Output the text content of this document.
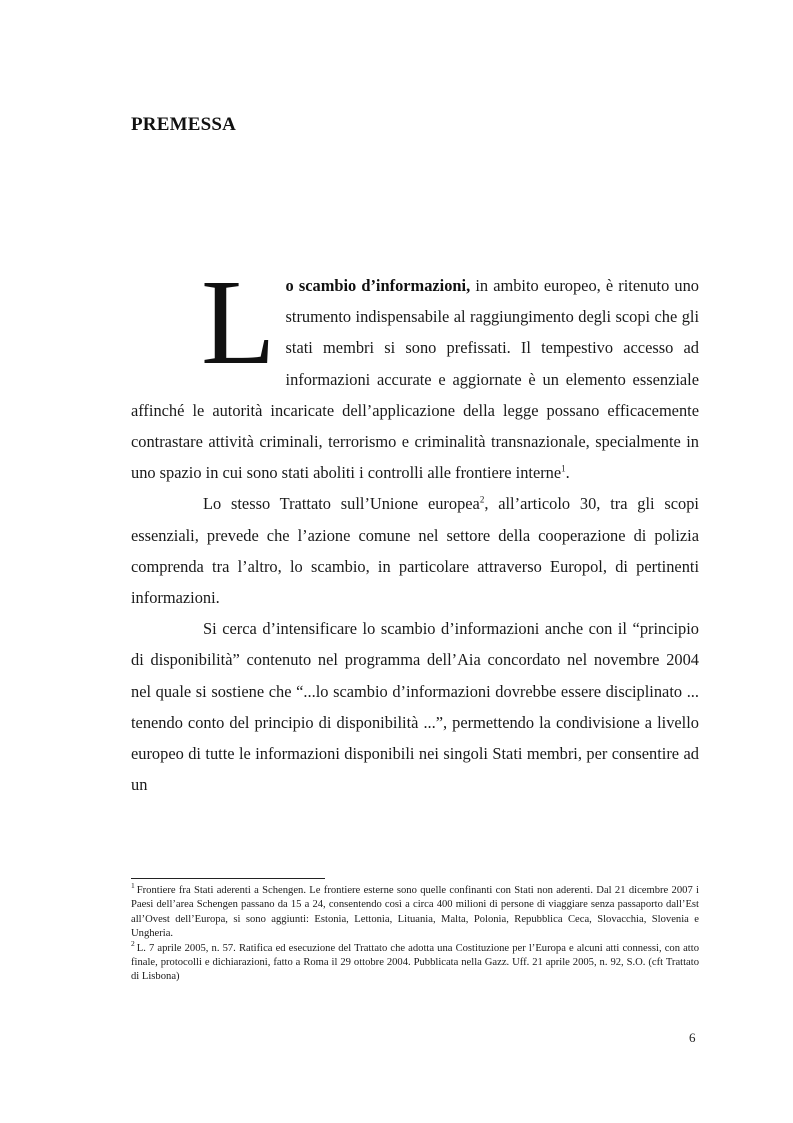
PREMESSA

Lo scambio d’informazioni, in ambito europeo, è ritenuto uno strumento indispensabile al raggiungimento degli scopi che gli stati membri si sono prefissati. Il tempestivo accesso ad informazioni accurate e aggiornate è un elemento essenziale affinché le autorità incaricate dell’applicazione della legge possano efficacemente contrastare attività criminali, terrorismo e criminalità transnazionale, specialmente in uno spazio in cui sono stati aboliti i controlli alle frontiere interne$^1$.

Lo stesso Trattato sull’Unione europea$^2$, all’articolo 30, tra gli scopi essenziali, prevede che l’azione comune nel settore della cooperazione di polizia comprenda tra l’altro, lo scambio, in particolare attraverso Europol, di pertinenti informazioni.

Si cerca d’intensificare lo scambio d’informazioni anche con il “principio di disponibilità” contenuto nel programma dell’Aia concordato nel novembre 2004 nel quale si sostiene che “...lo scambio d’informazioni dovrebbe essere disciplinato ... tenendo conto del principio di disponibilità ...”, permettendo la condivisione a livello europeo di tutte le informazioni disponibili nei singoli Stati membri, per consentire ad un

$^1$ Frontiere fra Stati aderenti a Schengen. Le frontiere esterne sono quelle confinanti con Stati non aderenti. Dal 21 dicembre 2007 i Paesi dell’area Schengen passano da 15 a 24, consentendo così a circa 400 milioni di persone di viaggiare senza passaporto dall’Est all’Ovest dell’Europa, si sono aggiunti: Estonia, Lettonia, Lituania, Malta, Polonia, Repubblica Ceca, Slovacchia, Slovenia e Ungheria.

$^2$ L. 7 aprile 2005, n. 57. Ratifica ed esecuzione del Trattato che adotta una Costituzione per l’Europa e alcuni atti connessi, con atto finale, protocolli e dichiarazioni, fatto a Roma il 29 ottobre 2004. Pubblicata nella Gazz. Uff. 21 aprile 2005, n. 92, S.O. (cft Trattato di Lisbona)

6
